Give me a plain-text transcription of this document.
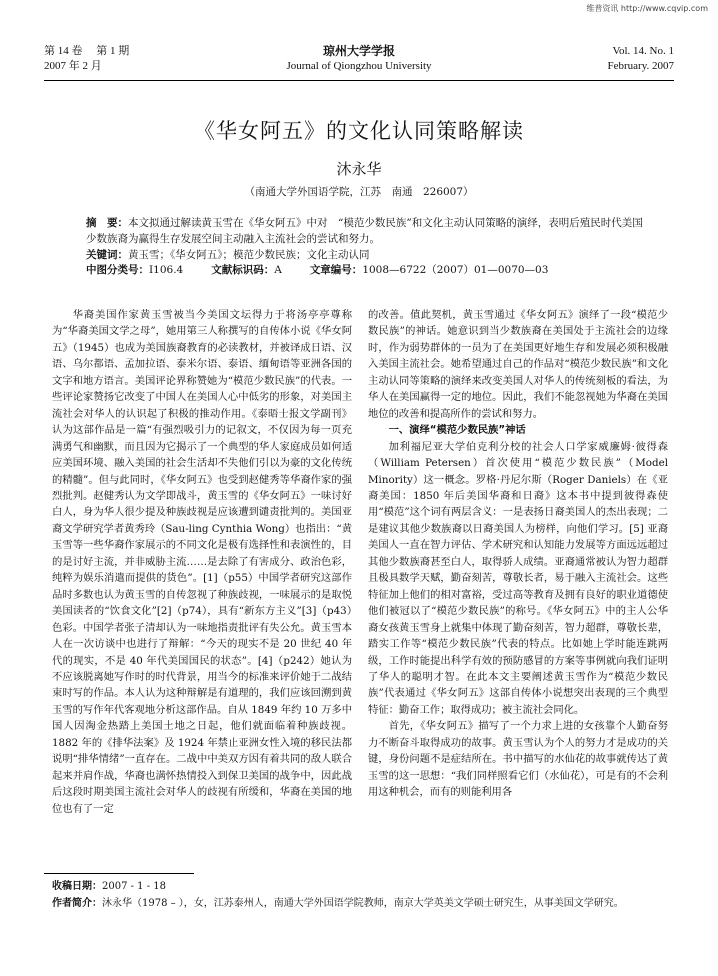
维普资讯 http://www.cqvip.com
第 14 卷　 第 1 期
2007 年 2 月
琼州大学学报
Journal of Qiongzhou University
Vol. 14. No. 1
February. 2007
《华女阿五》的文化认同策略解读
沐永华
（南通大学外国语学院，江苏　南通　226007）
摘　要：本文拟通过解读黄玉雪在《华女阿五》中对　“模范少数民族”和文化主动认同策略的演绎，表明后殖民时代美国少数族裔为赢得生存发展空间主动融入主流社会的尝试和努力。
关键词：黄玉雪；《华女阿五》；模范少数民族；文化主动认同
中图分类号： I106.4	文献标识码： A	文章编号： 1008—6722（2007）01—0070—03

华裔美国作家黄玉雪被当今美国文坛得力于将汤亭亭尊称为“华裔美国文学之母”，她用第三人称撰写的自传体小说《华女阿五》（1945）也成为美国族裔教育的必读教材，并被译成日语、汉语、乌尔都语、孟加拉语、泰米尔语、泰语、缅甸语等亚洲各国的文字和地方语言。美国评论界称赞她为“模范少数民族”的代表。一些评论家赞扬它改变了中国人在美国人心中低劣的形象，对美国主流社会对华人的认识起了积极的推动作用。《泰晤士报文学副刊》认为这部作品是一篇“有强烈吸引力的记叙文，不仅因为每一页充满勇气和幽默，而且因为它揭示了一个典型的华人家庭成员如何适应美国环境、融入美国的社会生活却不失他们引以为豪的文化传统的精髓”。但与此同时，《华女阿五》也受到赵健秀等华裔作家的强烈批判。赵健秀认为文学即战斗，黄玉雪的《华女阿五》一味讨好白人，身为华人很少提及种族歧视是应该遭到谴责批判的。美国亚裔文学研究学者黄秀玲（Sau-ling Cynthia Wong）也指出：“黄玉雪等一些华裔作家展示的不同文化是极有选择性和表演性的，目的是讨好主流，并非威胁主流……是去除了有害成分、政治色彩，纯粹为娱乐消遣而提供的货色”。[1]（p55）中国学者研究这部作品时多数也认为黄玉雪的自传忽视了种族歧视，一味展示的是取悦美国读者的“饮食文化”[2]（p74），具有“新东方主义”[3]（p43）色彩。中国学者张子清却认为一味地指责批评有失公允。黄玉雪本人在一次访谈中也进行了辩解：“今天的现实不是 20 世纪 40 年代的现实，不是 40 年代美国国民的状态”。[4]（p242）她认为不应该脱离她写作时的时代背景，用当今的标准来评价她于二战结束时写的作品。本人认为这种辩解是有道理的，我们应该回溯到黄玉雪的写作年代客观地分析这部作品。自从 1849 年约 10 万多中国人因淘金热踏上美国土地之日起，他们就面临着种族歧视。1882 年的《排华法案》及 1924 年禁止亚洲女性入境的移民法都说明“排华情绪”一直存在。二战中中美双方因有着共同的敌人联合起来并肩作战，华裔也满怀热情投入到保卫美国的战争中，因此战后这段时期美国主流社会对华人的歧视有所缓和，华裔在美国的地位也有了一定

的改善。值此契机，黄玉雪通过《华女阿五》演绎了一段“模范少数民族”的神话。她意识到当少数族裔在美国处于主流社会的边缘时，作为弱势群体的一员为了在美国更好地生存和发展必须积极融入美国主流社会。她希望通过自己的作品对“模范少数民族”和文化主动认同等策略的演绎来改变美国人对华人的传统刻板的看法，为华人在美国赢得一定的地位。因此，我们不能忽视她为华裔在美国地位的改善和提高所作的尝试和努力。

一、演绎“模范少数民族”神话

加利福尼亚大学伯克利分校的社会人口学家威廉姆·彼得森（William Petersen）首次使用“模范少数民族”（Model Minority）这一概念。罗格·丹尼尔斯（Roger Daniels）在《亚裔美国：1850 年后美国华裔和日裔》这本书中提到彼得森使用“模范”这个词有两层含义：一是表扬日裔美国人的杰出表现；二是建议其他少数族裔以日裔美国人为榜样，向他们学习。[5] 亚裔美国人一直在智力评估、学术研究和认知能力发展等方面远远超过其他少数族裔甚至白人，取得骄人成绩。亚裔通常被认为智力超群且极具数学天赋，勤奋刻苦，尊敬长者，易于融入主流社会。这些特征加上他们的相对富裕，受过高等教育及拥有良好的职业道德使他们被冠以了“模范少数民族”的称号。《华女阿五》中的主人公华裔女孩黄玉雪身上就集中体现了勤奋刻苦，智力超群，尊敬长辈，踏实工作等“模范少数民族”代表的特点。比如她上学时能连跳两级，工作时能提出科学有效的预防感冒的方案等事例就向我们证明了华人的聪明才智。在此本文主要阐述黄玉雪作为“模范少数民族”代表通过《华女阿五》这部自传体小说想突出表现的三个典型特征：勤奋工作；取得成功；被主流社会同化。

首先，《华女阿五》描写了一个力求上进的女孩靠个人勤奋努力不断奋斗取得成功的故事。黄玉雪认为个人的努力才是成功的关键，身份问题不是症结所在。书中描写的水仙花的故事就传达了黄玉雪的这一思想：“我们同样照看它们（水仙花），可是有的不会利用这种机会，而有的则能利用各

收稿日期：2007 - 1 - 18
作者简介：沐永华（1978 – ），女，江苏泰州人，南通大学外国语学院教师，南京大学英美文学硕士研究生，从事美国文学研究。
